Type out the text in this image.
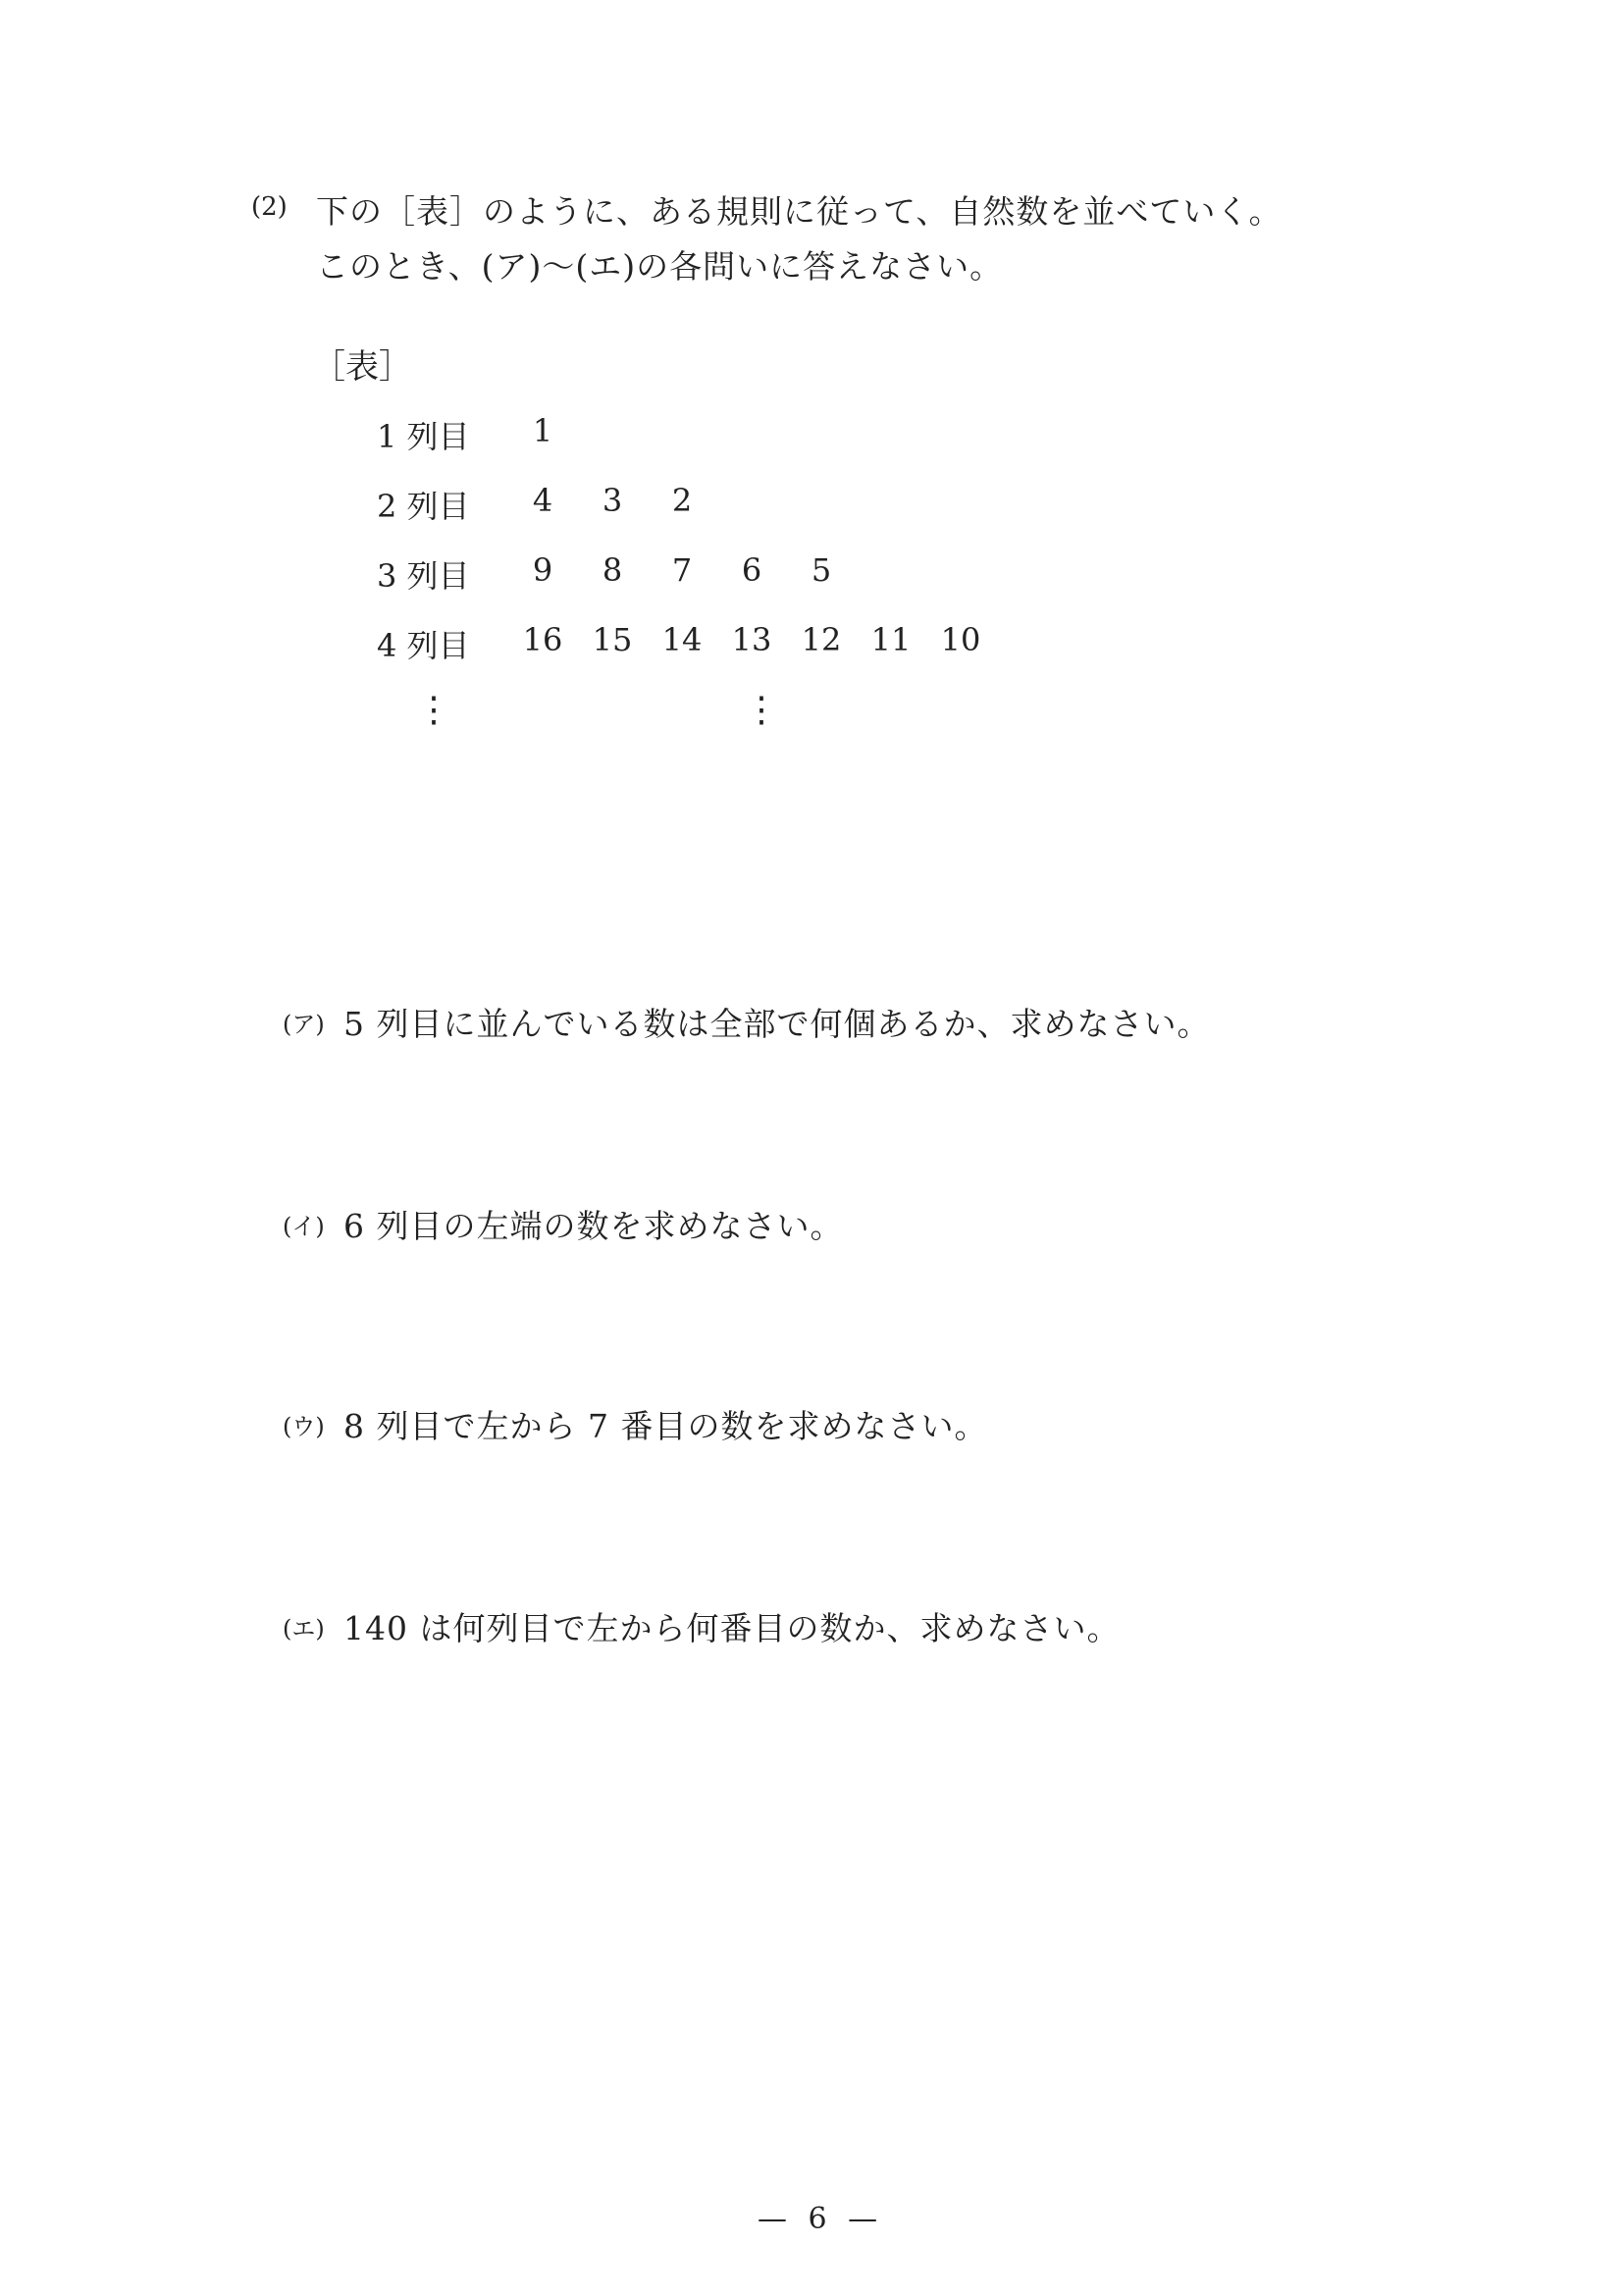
(2) 下の［表］のように、ある規則に従って、自然数を並べていく。
このとき、(ア)〜(エ)の各問いに答えなさい。
［表］
1 列目	1
2 列目	4	3	2
3 列目	9	8	7	6	5
4 列目	16 15 14 13 12 11 10
⋮	⋮
(ア) 5 列目に並んでいる数は全部で何個あるか、求めなさい。
(イ) 6 列目の左端の数を求めなさい。
(ウ) 8 列目で左から 7 番目の数を求めなさい。
(エ) 140 は何列目で左から何番目の数か、求めなさい。
— 6 —
